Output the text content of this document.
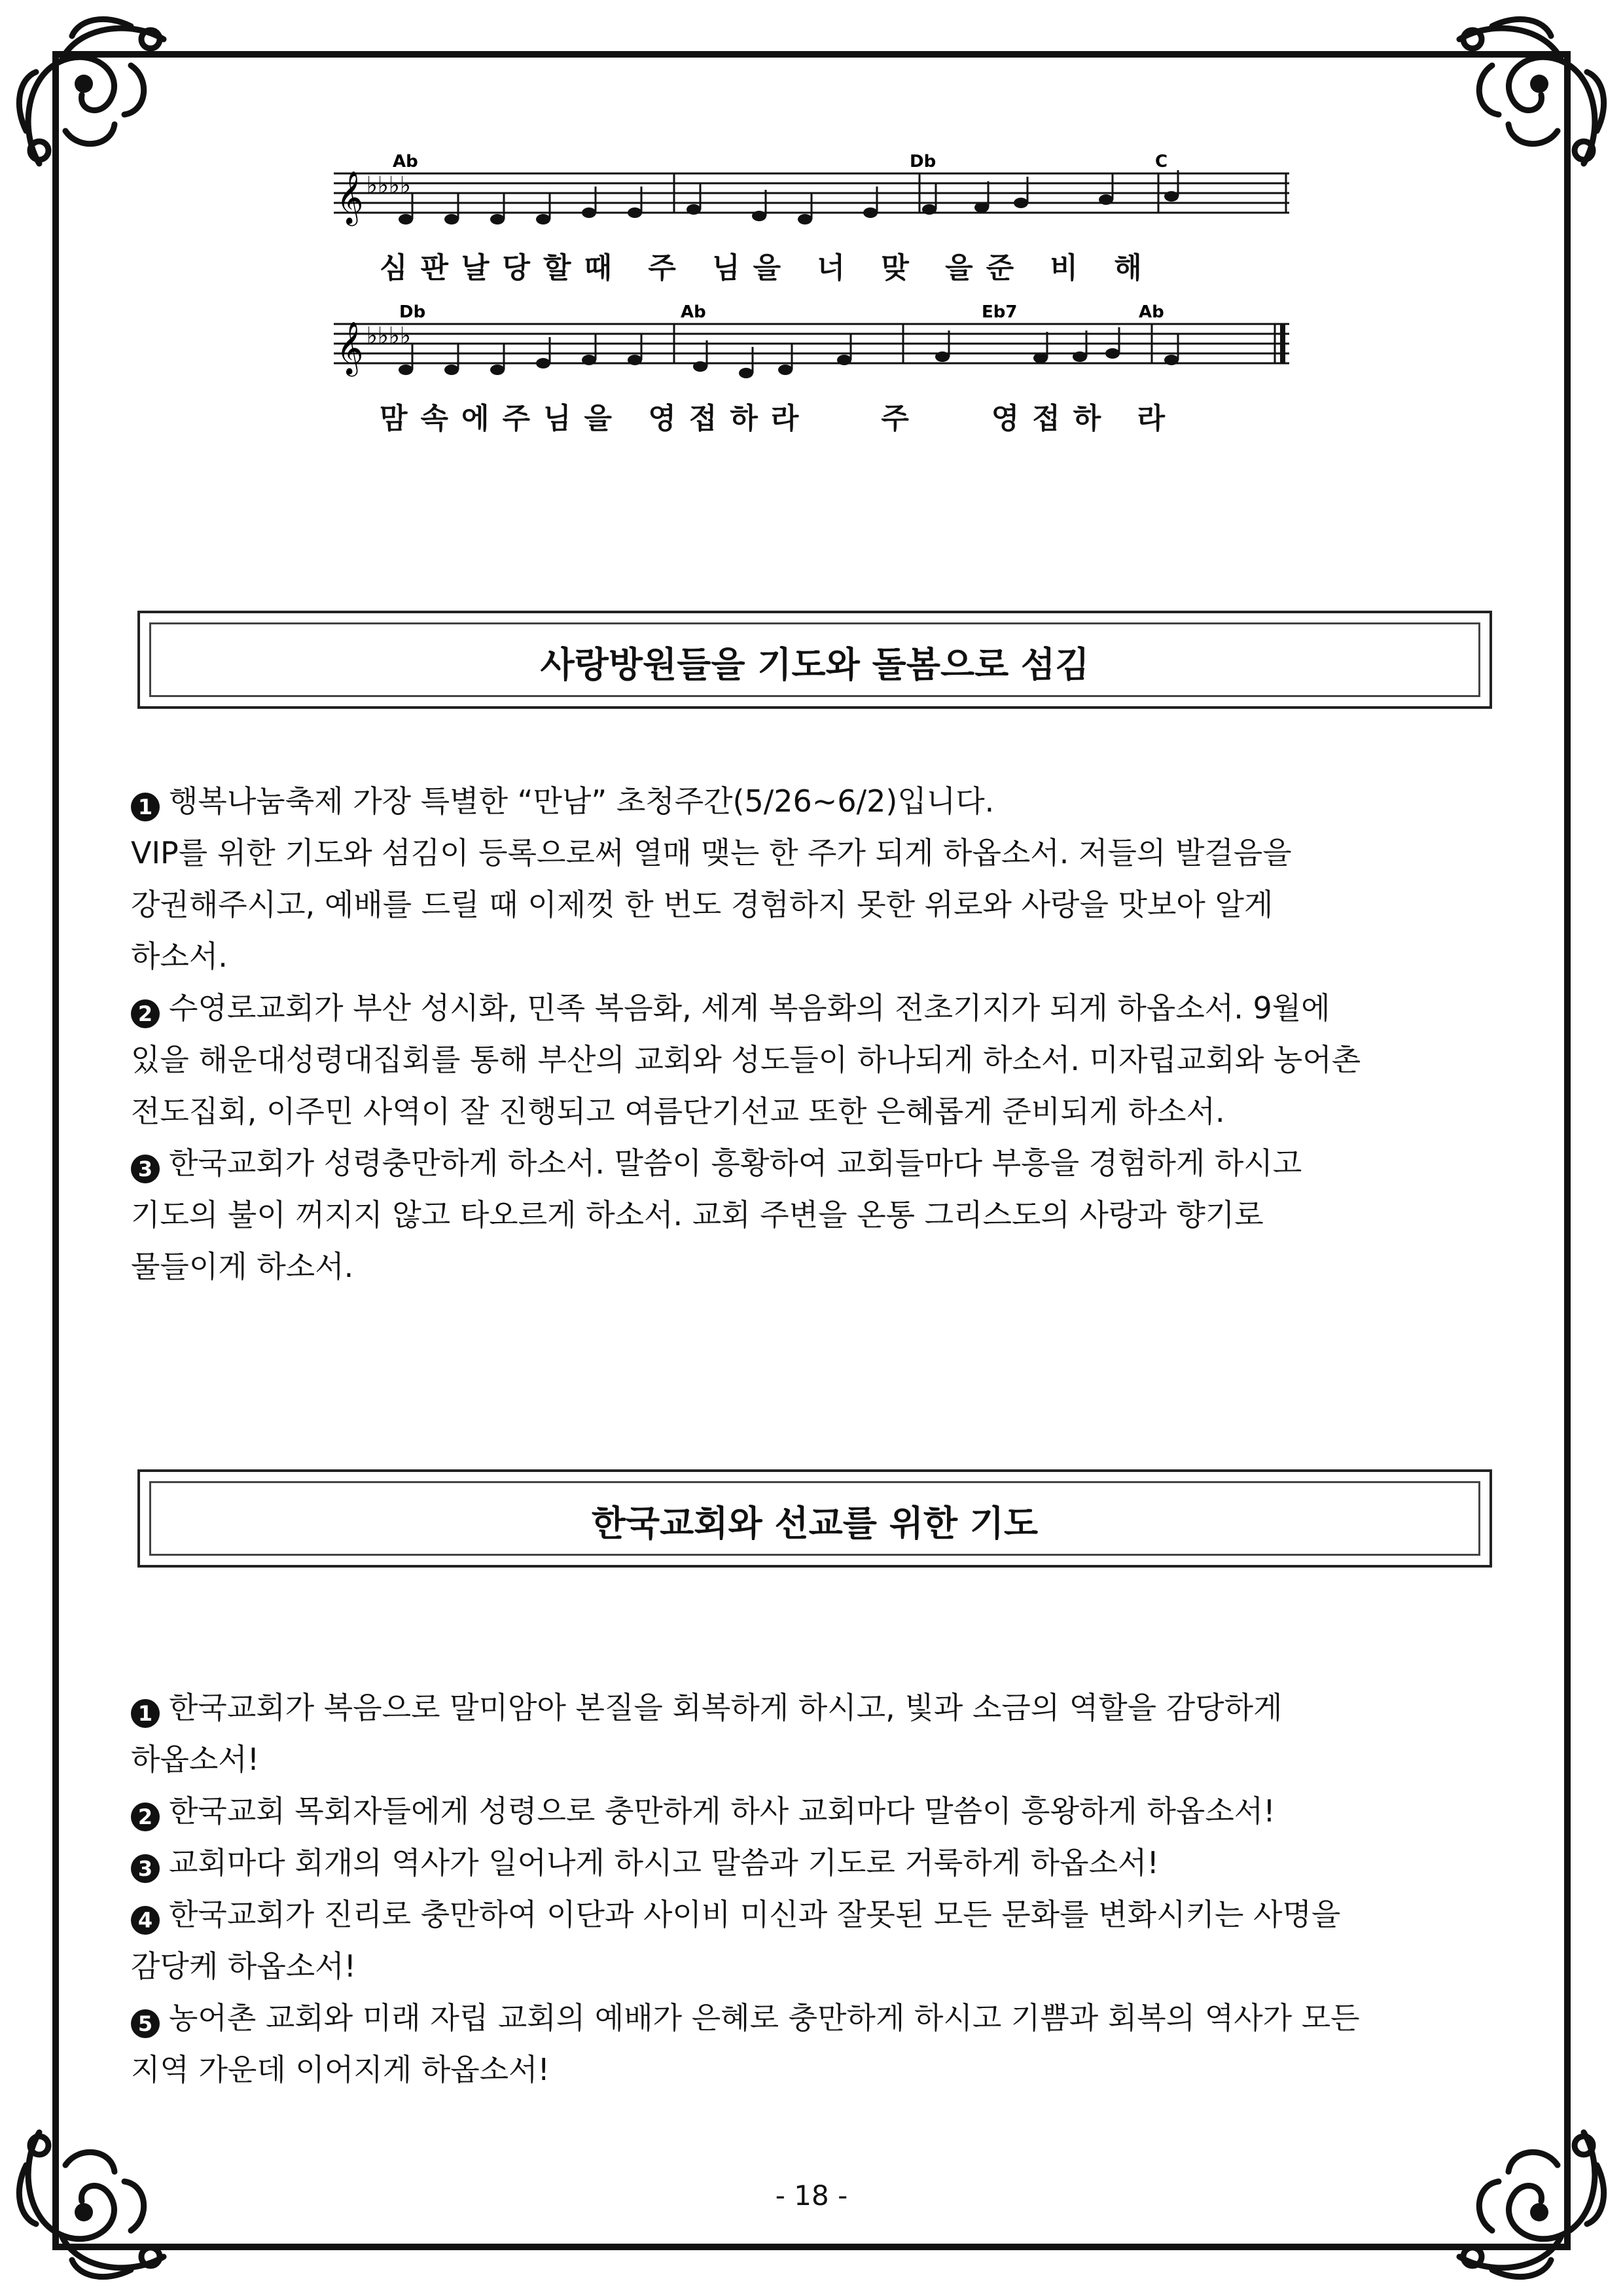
𝄞 ♭♭♭♭
Ab	Db	C
심판날당할때 주 님을 너 맞 을준 비 해
𝄞 ♭♭♭♭
Db	Ab	Eb7	Ab
맘속에주님을 영접하라   주   영접하 라
사랑방원들을 기도와 돌봄으로 섬김

1 행복나눔축제 가장 특별한 “만남” 초청주간(5/26~6/2)입니다.

VIP를 위한 기도와 섬김이 등록으로써 열매 맺는 한 주가 되게 하옵소서. 저들의 발걸음을

강권해주시고, 예배를 드릴 때 이제껏 한 번도 경험하지 못한 위로와 사랑을 맛보아 알게

하소서.

2 수영로교회가 부산 성시화, 민족 복음화, 세계 복음화의 전초기지가 되게 하옵소서. 9월에

있을 해운대성령대집회를 통해 부산의 교회와 성도들이 하나되게 하소서. 미자립교회와 농어촌

전도집회, 이주민 사역이 잘 진행되고 여름단기선교 또한 은혜롭게 준비되게 하소서.

3 한국교회가 성령충만하게 하소서. 말씀이 흥황하여 교회들마다 부흥을 경험하게 하시고

기도의 불이 꺼지지 않고 타오르게 하소서. 교회 주변을 온통 그리스도의 사랑과 향기로

물들이게 하소서.

한국교회와 선교를 위한 기도

1 한국교회가 복음으로 말미암아 본질을 회복하게 하시고, 빛과 소금의 역할을 감당하게

하옵소서!

2 한국교회 목회자들에게 성령으로 충만하게 하사 교회마다 말씀이 흥왕하게 하옵소서!

3 교회마다 회개의 역사가 일어나게 하시고 말씀과 기도로 거룩하게 하옵소서!

4 한국교회가 진리로 충만하여 이단과 사이비 미신과 잘못된 모든 문화를 변화시키는 사명을

감당케 하옵소서!

5 농어촌 교회와 미래 자립 교회의 예배가 은혜로 충만하게 하시고 기쁨과 회복의 역사가 모든

지역 가운데 이어지게 하옵소서!

- 18 -
